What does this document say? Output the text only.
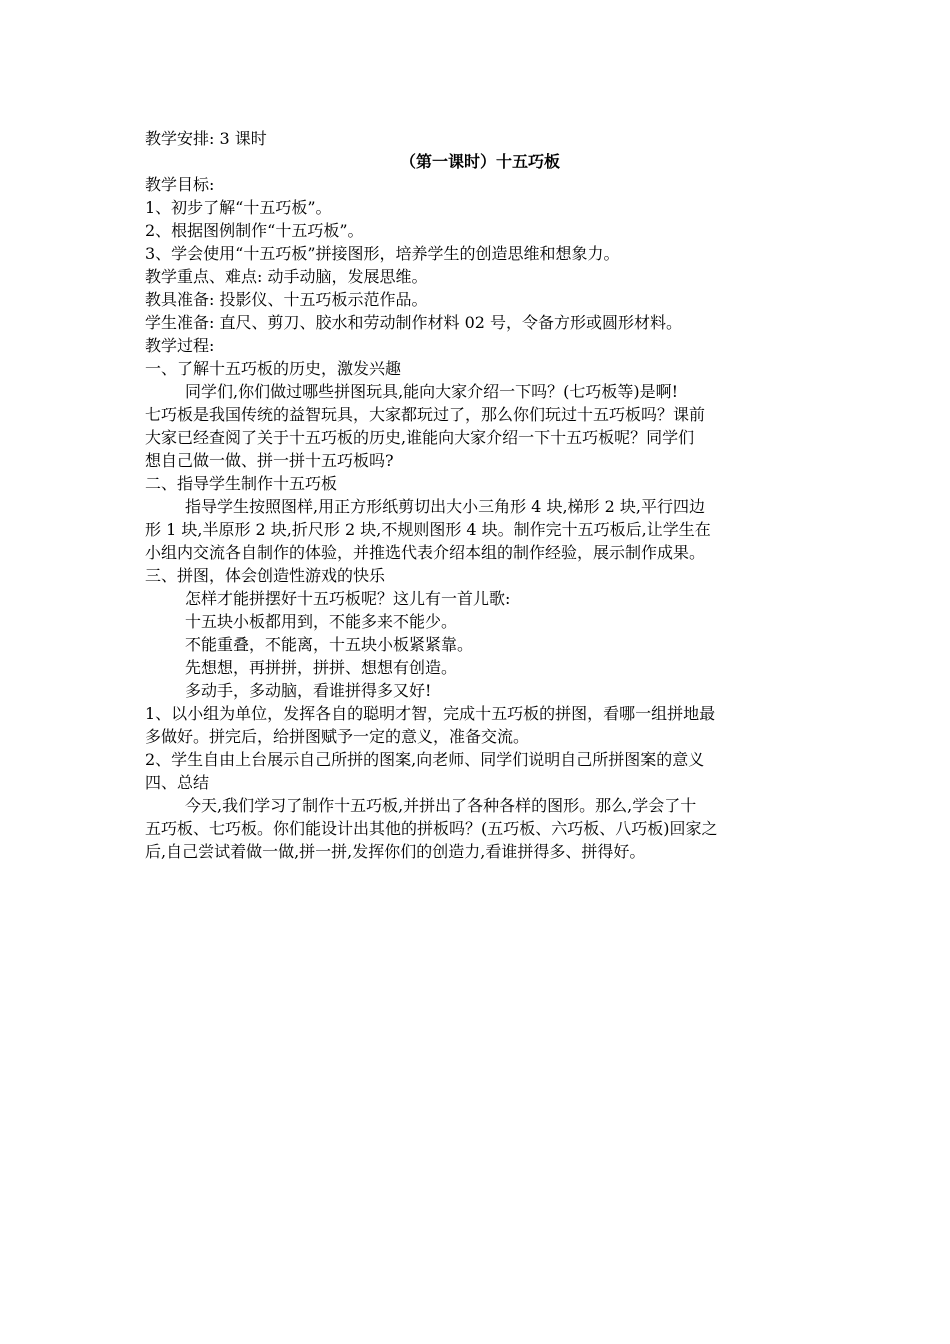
教学安排: 3 课时
（第一课时）十五巧板
教学目标:
1、初步了解“十五巧板”。
2、根据图例制作“十五巧板”。
3、学会使用“十五巧板”拼接图形，培养学生的创造思维和想象力。
教学重点、难点: 动手动脑，发展思维。
教具准备: 投影仪、十五巧板示范作品。
学生准备: 直尺、剪刀、胶水和劳动制作材料 02 号，令备方形或圆形材料。
教学过程:
一、了解十五巧板的历史，激发兴趣
同学们,你们做过哪些拼图玩具,能向大家介绍一下吗？(七巧板等)是啊!
七巧板是我国传统的益智玩具，大家都玩过了，那么你们玩过十五巧板吗？课前
大家已经查阅了关于十五巧板的历史,谁能向大家介绍一下十五巧板呢？同学们
想自己做一做、拼一拼十五巧板吗?
二、指导学生制作十五巧板
指导学生按照图样,用正方形纸剪切出大小三角形 4 块,梯形 2 块,平行四边
形 1 块,半原形 2 块,折尺形 2 块,不规则图形 4 块。制作完十五巧板后,让学生在
小组内交流各自制作的体验，并推选代表介绍本组的制作经验，展示制作成果。
三、拼图，体会创造性游戏的快乐
怎样才能拼摆好十五巧板呢？这儿有一首儿歌:
十五块小板都用到，不能多来不能少。
不能重叠，不能离，十五块小板紧紧靠。
先想想，再拼拼，拼拼、想想有创造。
多动手，多动脑，看谁拼得多又好!
1、以小组为单位，发挥各自的聪明才智，完成十五巧板的拼图，看哪一组拼地最
多做好。拼完后，给拼图赋予一定的意义，准备交流。
2、学生自由上台展示自己所拼的图案,向老师、同学们说明自己所拼图案的意义
四、总结
今天,我们学习了制作十五巧板,并拼出了各种各样的图形。那么,学会了十
五巧板、七巧板。你们能设计出其他的拼板吗？(五巧板、六巧板、八巧板)回家之
后,自己尝试着做一做,拼一拼,发挥你们的创造力,看谁拼得多、拼得好。
